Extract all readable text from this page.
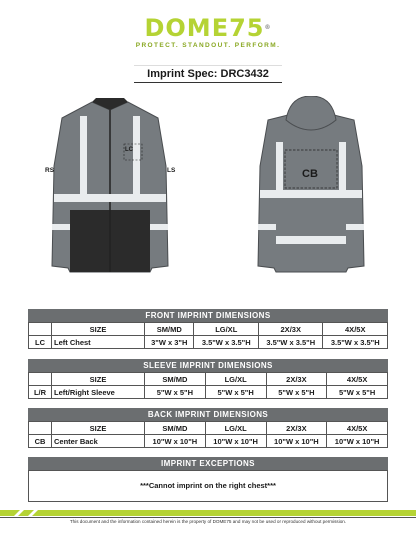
DOME75®
PROTECT. STANDOUT. PERFORM.
Imprint Spec: DRC3432
LC
RS	LS	CB
FRONT IMPRINT DIMENSIONS
	SIZE	SM/MD	LG/XL	2X/3X	4X/5X
LC	Left Chest	3"W x 3"H	3.5"W x 3.5"H	3.5"W x 3.5"H	3.5"W x 3.5"H
SLEEVE IMPRINT DIMENSIONS
	SIZE	SM/MD	LG/XL	2X/3X	4X/5X
L/R	Left/Right Sleeve	5"W x 5"H	5"W x 5"H	5"W x 5"H	5"W x 5"H
BACK IMPRINT DIMENSIONS
	SIZE	SM/MD	LG/XL	2X/3X	4X/5X
CB	Center Back	10"W x 10"H	10"W x 10"H	10"W x 10"H	10"W x 10"H
IMPRINT EXCEPTIONS
***Cannot imprint on the right chest***
This document and the information contained herein is the property of DOME75 and may not be used or reproduced without permission.
